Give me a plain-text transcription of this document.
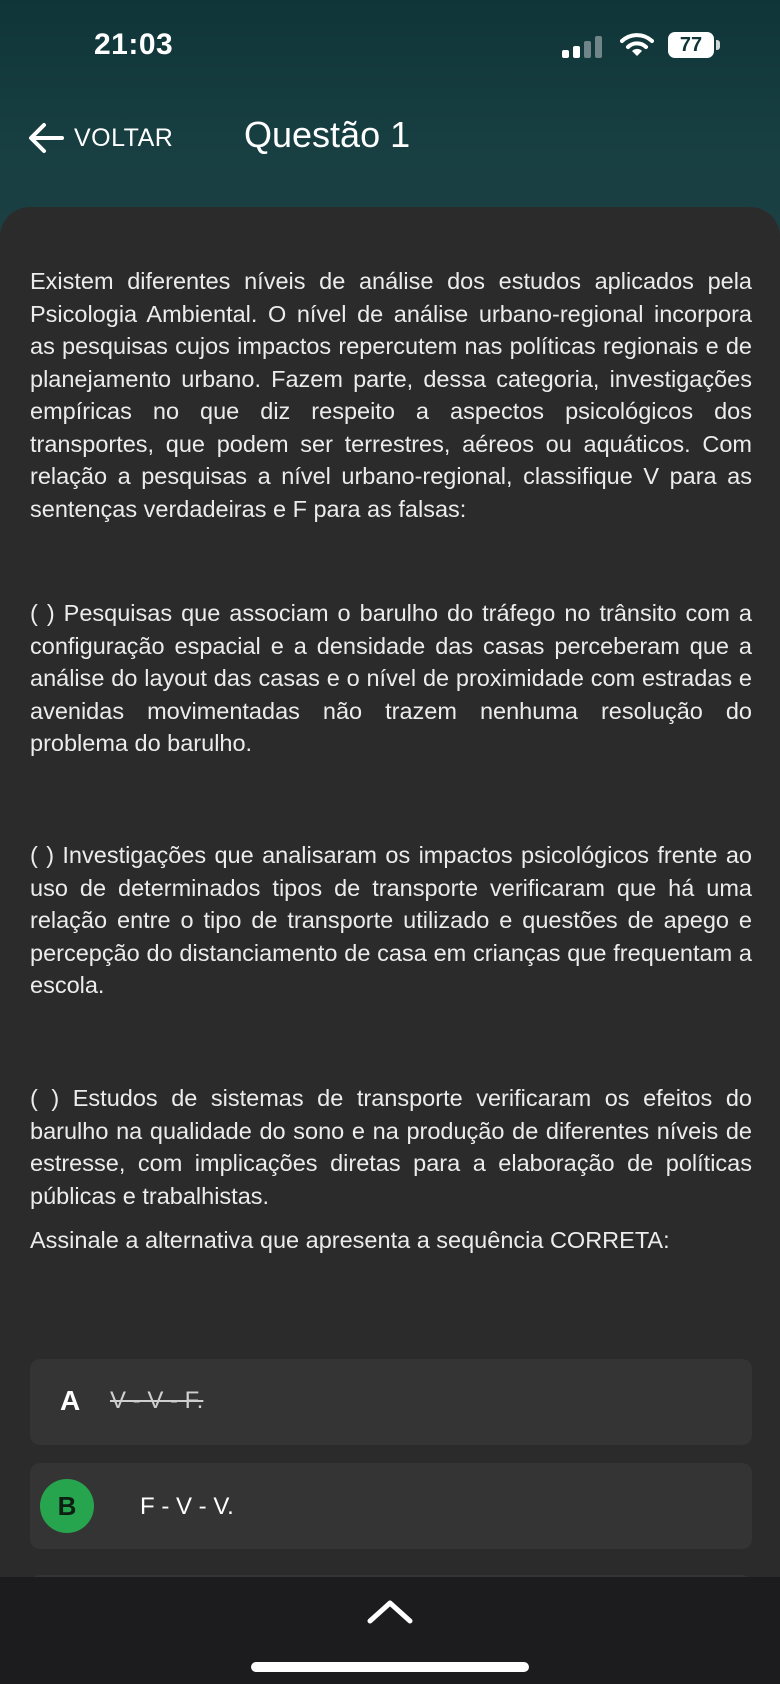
21:03	77
VOLTAR Questão 1

Existem diferentes níveis de análise dos estudos aplicados pela Psicologia Ambiental. O nível de análise urbano-regional incorpora as pesquisas cujos impactos repercutem nas políticas regionais e de planejamento urbano. Fazem parte, dessa categoria, investigações empíricas no que diz respeito a aspectos psicológicos dos transportes, que podem ser terrestres, aéreos ou aquáticos. Com relação a pesquisas a nível urbano-regional, classifique V para as sentenças verdadeiras e F para as falsas:

( ) Pesquisas que associam o barulho do tráfego no trânsito com a configuração espacial e a densidade das casas perceberam que a análise do layout das casas e o nível de proximidade com estradas e avenidas movimentadas não trazem nenhuma resolução do problema do barulho.

( ) Investigações que analisaram os impactos psicológicos frente ao uso de determinados tipos de transporte verificaram que há uma relação entre o tipo de transporte utilizado e questões de apego e percepção do distanciamento de casa em crianças que frequentam a escola.

( ) Estudos de sistemas de transporte verificaram os efeitos do barulho na qualidade do sono e na produção de diferentes níveis de estresse, com implicações diretas para a elaboração de políticas públicas e trabalhistas.

Assinale a alternativa que apresenta a sequência CORRETA:

A V - V - F.
B	F - V - V.
